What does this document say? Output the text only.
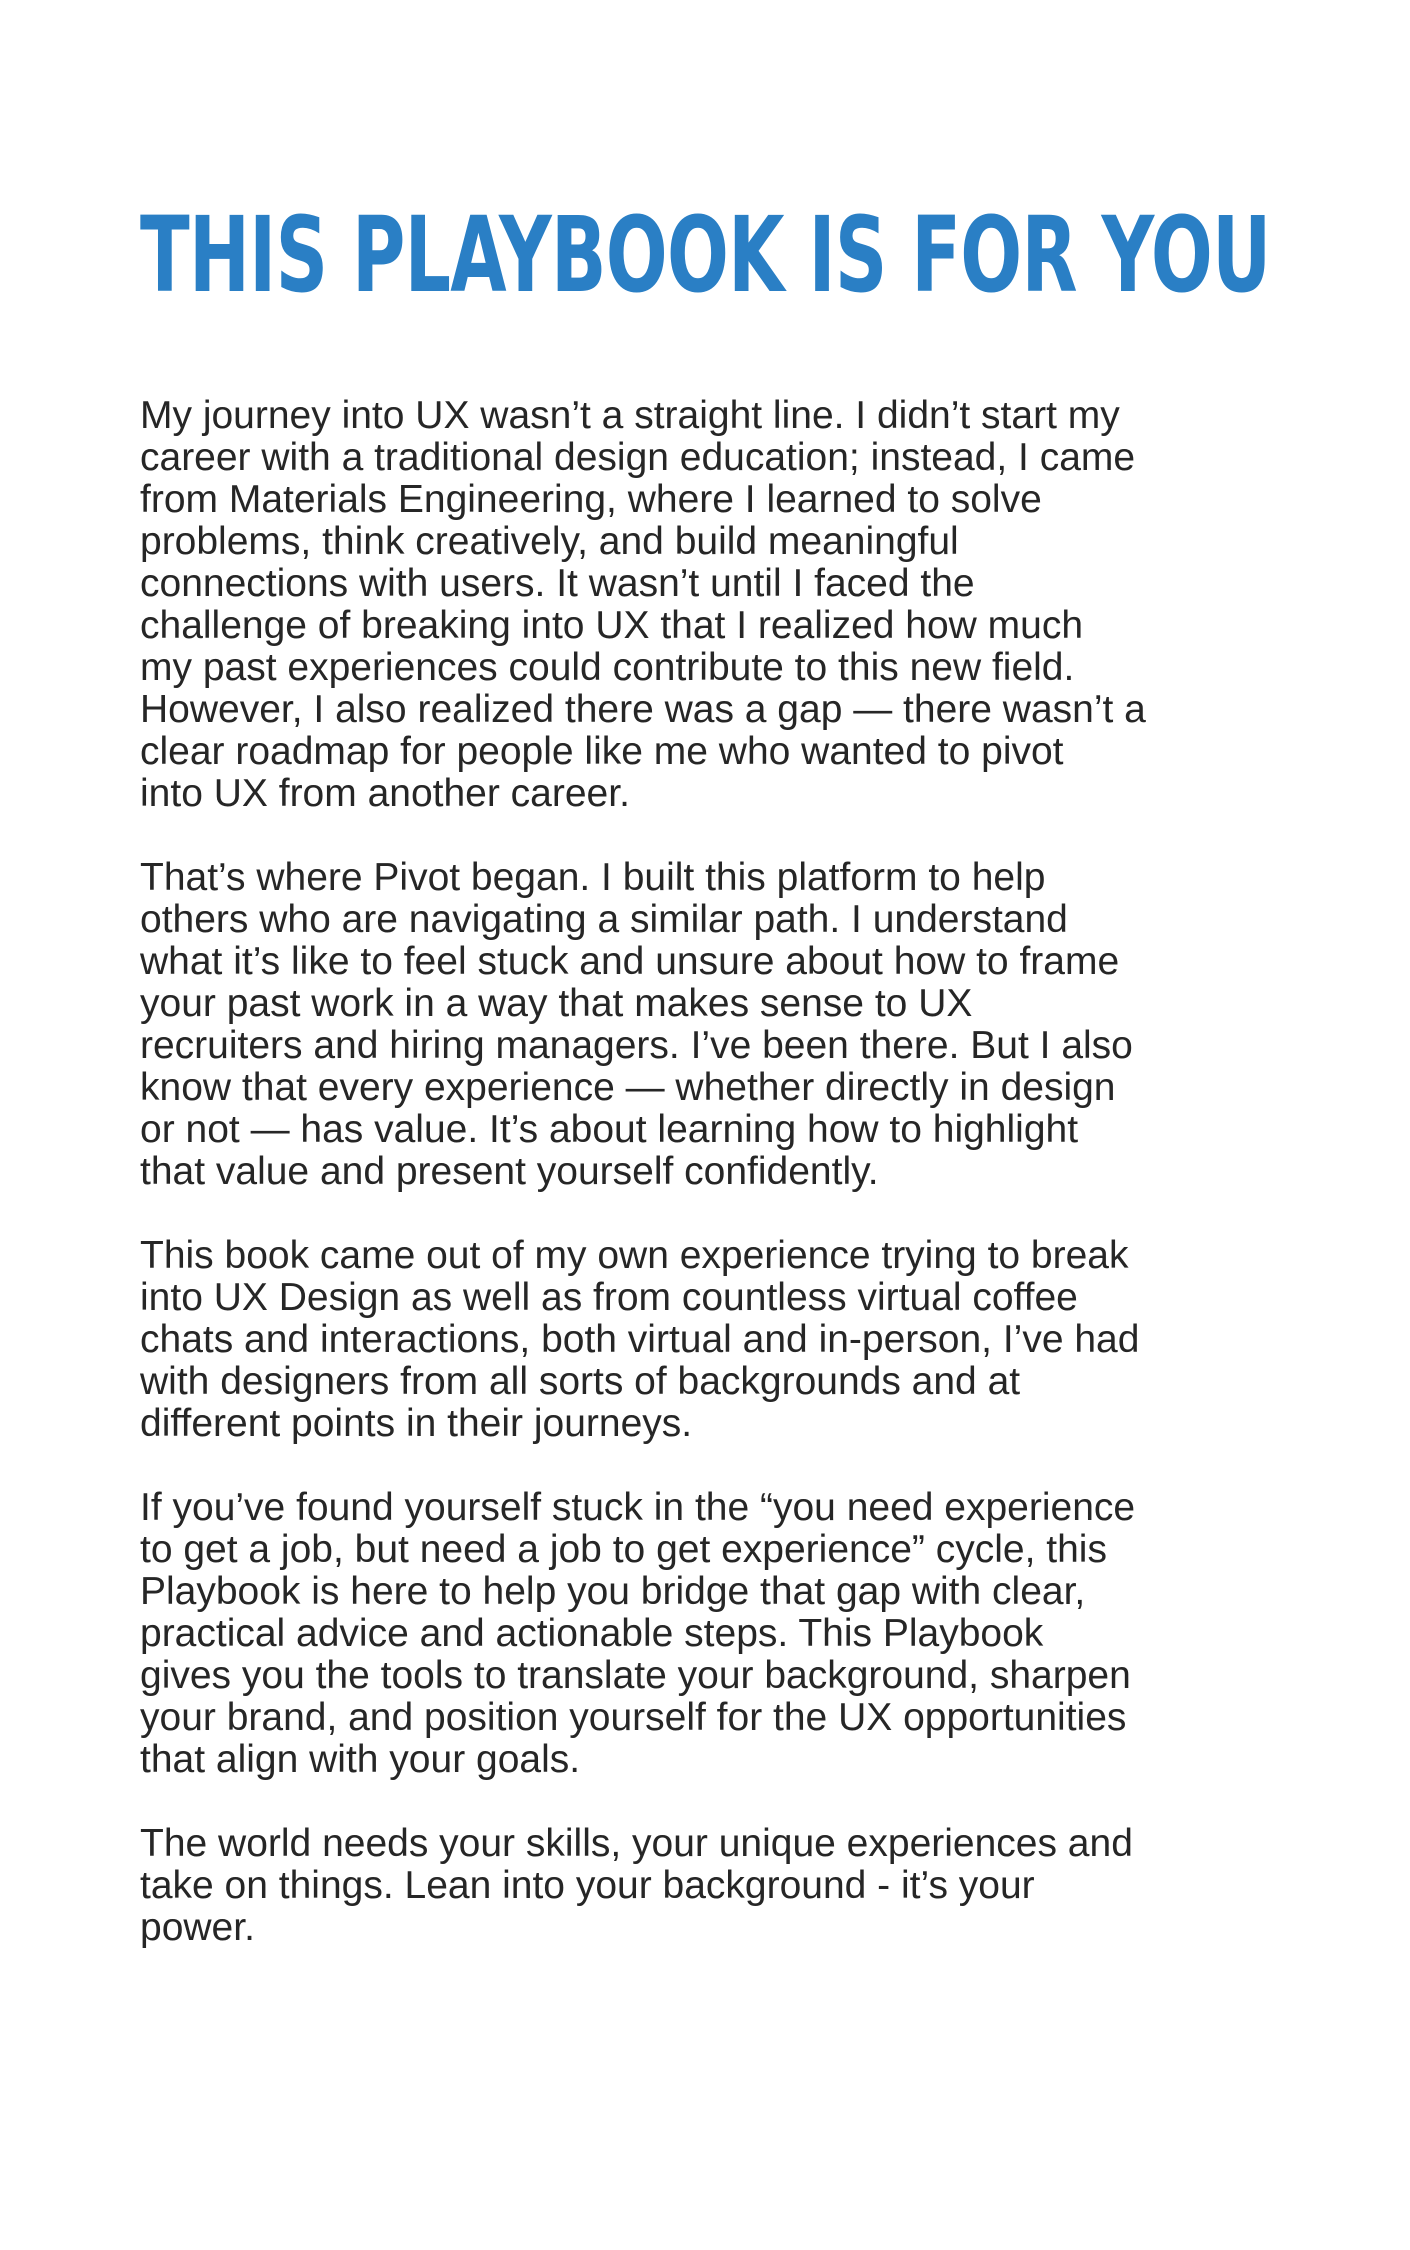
THIS PLAYBOOK IS FOR YOU

My journey into UX wasn’t a straight line. I didn’t start my
career with a traditional design education; instead, I came
from Materials Engineering, where I learned to solve
problems, think creatively, and build meaningful
connections with users. It wasn’t until I faced the
challenge of breaking into UX that I realized how much
my past experiences could contribute to this new field.
However, I also realized there was a gap — there wasn’t a
clear roadmap for people like me who wanted to pivot
into UX from another career.

That’s where Pivot began. I built this platform to help
others who are navigating a similar path. I understand
what it’s like to feel stuck and unsure about how to frame
your past work in a way that makes sense to UX
recruiters and hiring managers. I’ve been there. But I also
know that every experience — whether directly in design
or not — has value. It’s about learning how to highlight
that value and present yourself confidently.

This book came out of my own experience trying to break
into UX Design as well as from countless virtual coffee
chats and interactions, both virtual and in-person, I’ve had
with designers from all sorts of backgrounds and at
different points in their journeys.

If you’ve found yourself stuck in the “you need experience
to get a job, but need a job to get experience” cycle, this
Playbook is here to help you bridge that gap with clear,
practical advice and actionable steps. This Playbook
gives you the tools to translate your background, sharpen
your brand, and position yourself for the UX opportunities
that align with your goals.

The world needs your skills, your unique experiences and
take on things. Lean into your background - it’s your
power.
